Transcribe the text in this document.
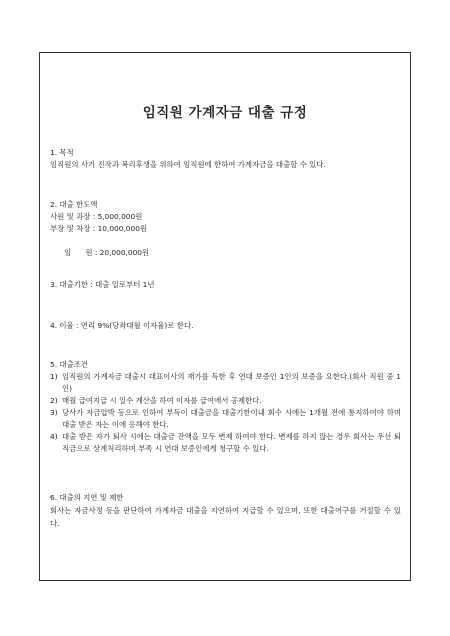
임직원 가계자금 대출 규정
1. 목적
임직원의 사기 진작과 복리후생을 위하여 임직원에 한하여 가계자금을 대출할 수 있다.
2. 대출 한도액
사원 및 과장 : 5,000,000원
부장 및 차장 : 10,000,000원

임      원 : 20,000,000원

3. 대출기한 : 대출 일로부터 1년
4. 이율 : 연리 9%(당좌대월 이자율)로 한다.
5. 대출조건
1) 임직원의 가계자금 대출시 대표이사의 재가를 득한 후 연대 보증인 1인의 보증을 요한다.(회사 직원 중 1인)
2) 매월 급여지급 시 일수 계산을 하여 이자를 급여에서 공제한다.
3) 당사가 자금압박 등으로 인하여 부득이 대출금을 대출기한이내 회수 시에는 1개월 전에 통지하여야 하며 대출 받은 자는 이에 응해야 한다.
4) 대출 받은 자가 퇴사 시에는 대출금 잔액을 모두 변제 하여야 한다. 변제를 하지 않는 경우 회사는 우선 퇴직금으로 상계처리하며 부족 시 연대 보증인에게 청구할 수 있다.
6. 대출의 지연 및 제한
회사는 자금사정 등을 판단하여 가계자금 대출을 지연하여 지급할 수 있으며, 또한 대출어구를 거절할 수 있다.
